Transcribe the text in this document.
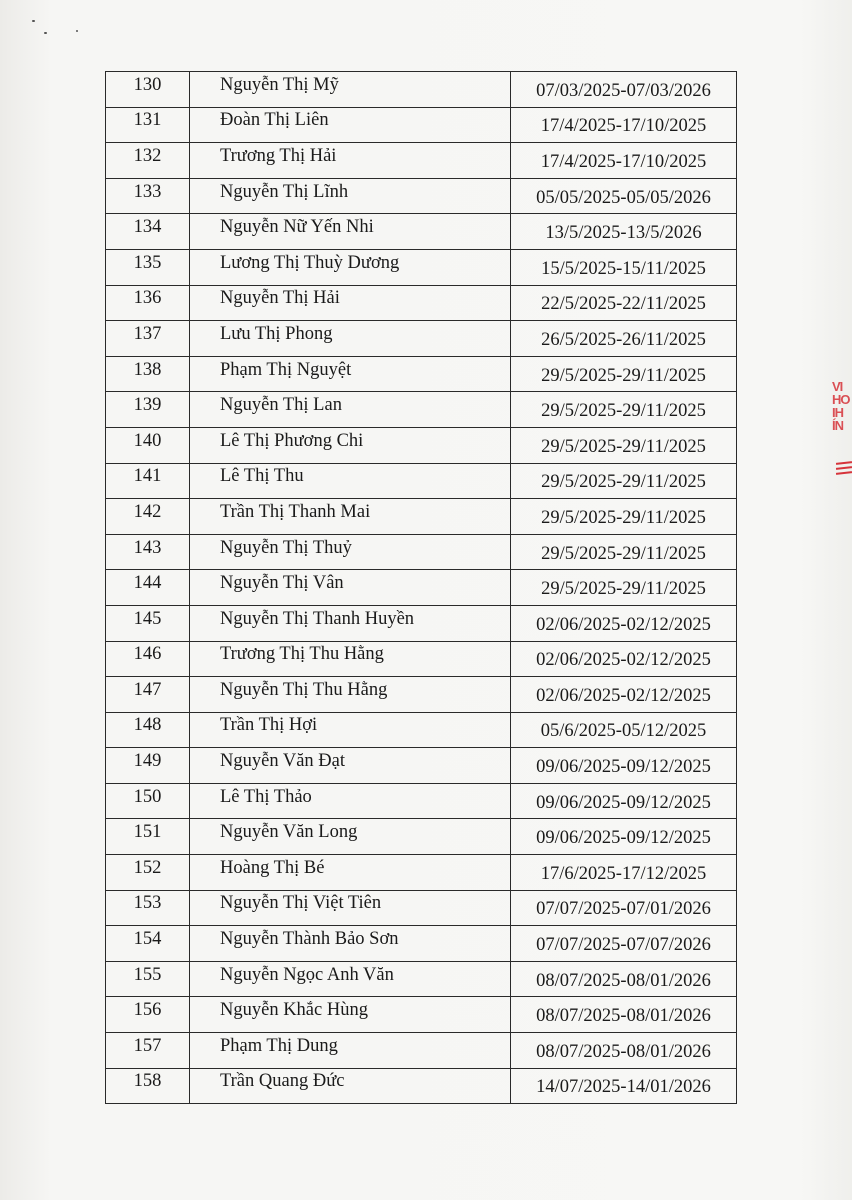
VI
HO
IH
ÍN
130	Nguyễn Thị Mỹ	07/03/2025-07/03/2026
131	Đoàn Thị Liên	17/4/2025-17/10/2025
132	Trương Thị Hải	17/4/2025-17/10/2025
133	Nguyễn Thị Lĩnh	05/05/2025-05/05/2026
134	Nguyễn Nữ Yến Nhi	13/5/2025-13/5/2026
135	Lương Thị Thuỳ Dương	15/5/2025-15/11/2025
136	Nguyễn Thị Hải	22/5/2025-22/11/2025
137	Lưu Thị Phong	26/5/2025-26/11/2025
138	Phạm Thị Nguyệt	29/5/2025-29/11/2025
139	Nguyễn Thị Lan	29/5/2025-29/11/2025
140	Lê Thị Phương Chi	29/5/2025-29/11/2025
141	Lê Thị Thu	29/5/2025-29/11/2025
142	Trần Thị Thanh Mai	29/5/2025-29/11/2025
143	Nguyễn Thị Thuỷ	29/5/2025-29/11/2025
144	Nguyễn Thị Vân	29/5/2025-29/11/2025
145	Nguyễn Thị Thanh Huyền	02/06/2025-02/12/2025
146	Trương Thị Thu Hằng	02/06/2025-02/12/2025
147	Nguyễn Thị Thu Hằng	02/06/2025-02/12/2025
148	Trần Thị Hợi	05/6/2025-05/12/2025
149	Nguyễn Văn Đạt	09/06/2025-09/12/2025
150	Lê Thị Thảo	09/06/2025-09/12/2025
151	Nguyễn Văn Long	09/06/2025-09/12/2025
152	Hoàng Thị Bé	17/6/2025-17/12/2025
153	Nguyễn Thị Việt Tiên	07/07/2025-07/01/2026
154	Nguyễn Thành Bảo Sơn	07/07/2025-07/07/2026
155	Nguyễn Ngọc Anh Văn	08/07/2025-08/01/2026
156	Nguyễn Khắc Hùng	08/07/2025-08/01/2026
157	Phạm Thị Dung	08/07/2025-08/01/2026
158	Trần Quang Đức	14/07/2025-14/01/2026
